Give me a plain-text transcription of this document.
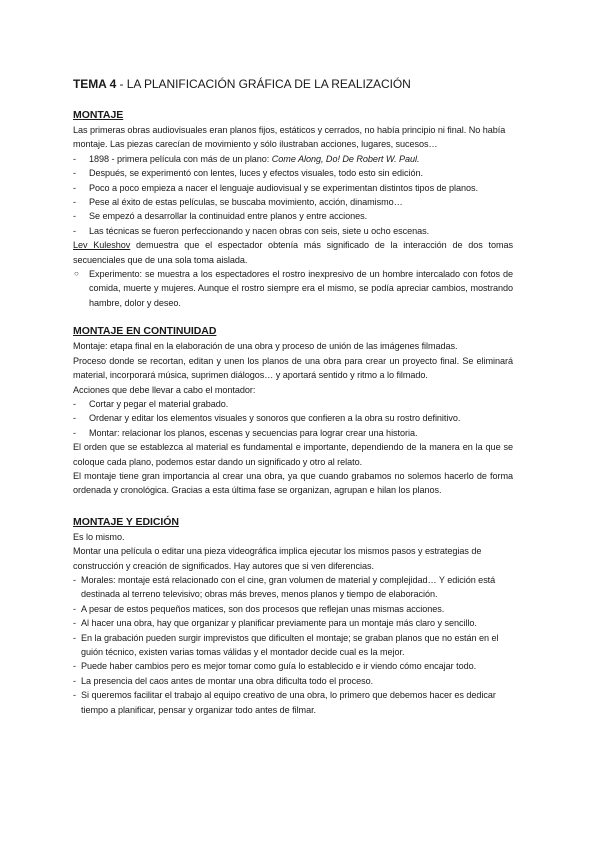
TEMA 4 - LA PLANIFICACIÓN GRÁFICA DE LA REALIZACIÓN
MONTAJE

Las primeras obras audiovisuales eran planos fijos, estáticos y cerrados, no había principio ni final. No había montaje. Las piezas carecían de movimiento y sólo ilustraban acciones, lugares, sucesos…

- 1898 - primera película con más de un plano: Come Along, Do! De Robert W. Paul.

- Después, se experimentó con lentes, luces y efectos visuales, todo esto sin edición.

- Poco a poco empieza a nacer el lenguaje audiovisual y se experimentan distintos tipos de planos.

- Pese al éxito de estas películas, se buscaba movimiento, acción, dinamismo…

- Se empezó a desarrollar la continuidad entre planos y entre acciones.

- Las técnicas se fueron perfeccionando y nacen obras con seis, siete u ocho escenas.

Lev Kuleshov demuestra que el espectador obtenía más significado de la interacción de dos tomas secuenciales que de una sola toma aislada.

○ Experimento: se muestra a los espectadores el rostro inexpresivo de un hombre intercalado con fotos de comida, muerte y mujeres. Aunque el rostro siempre era el mismo, se podía apreciar cambios, mostrando hambre, dolor y deseo.

MONTAJE EN CONTINUIDAD

Montaje: etapa final en la elaboración de una obra y proceso de unión de las imágenes filmadas.

Proceso donde se recortan, editan y unen los planos de una obra para crear un proyecto final. Se eliminará material, incorporará música, suprimen diálogos… y aportará sentido y ritmo a lo filmado.

Acciones que debe llevar a cabo el montador:

- Cortar y pegar el material grabado.

- Ordenar y editar los elementos visuales y sonoros que confieren a la obra su rostro definitivo.

- Montar: relacionar los planos, escenas y secuencias para lograr crear una historia.

El orden que se establezca al material es fundamental e importante, dependiendo de la manera en la que se coloque cada plano, podemos estar dando un significado y otro al relato.

El montaje tiene gran importancia al crear una obra, ya que cuando grabamos no solemos hacerlo de forma ordenada y cronológica. Gracias a esta última fase se organizan, agrupan e hilan los planos.

MONTAJE Y EDICIÓN

Es lo mismo.

Montar una película o editar una pieza videográfica implica ejecutar los mismos pasos y estrategias de construcción y creación de significados. Hay autores que si ven diferencias.

- Morales: montaje está relacionado con el cine, gran volumen de material y complejidad… Y edición está destinada al terreno televisivo; obras más breves, menos planos y tiempo de elaboración.

- A pesar de estos pequeños matices, son dos procesos que reflejan unas mismas acciones.

- Al hacer una obra, hay que organizar y planificar previamente para un montaje más claro y sencillo.

- En la grabación pueden surgir imprevistos que dificulten el montaje; se graban planos que no están en el guión técnico, existen varias tomas válidas y el montador decide cual es la mejor.

- Puede haber cambios pero es mejor tomar como guía lo establecido e ir viendo cómo encajar todo.

- La presencia del caos antes de montar una obra dificulta todo el proceso.

- Si queremos facilitar el trabajo al equipo creativo de una obra, lo primero que debemos hacer es dedicar tiempo a planificar, pensar y organizar todo antes de filmar.
